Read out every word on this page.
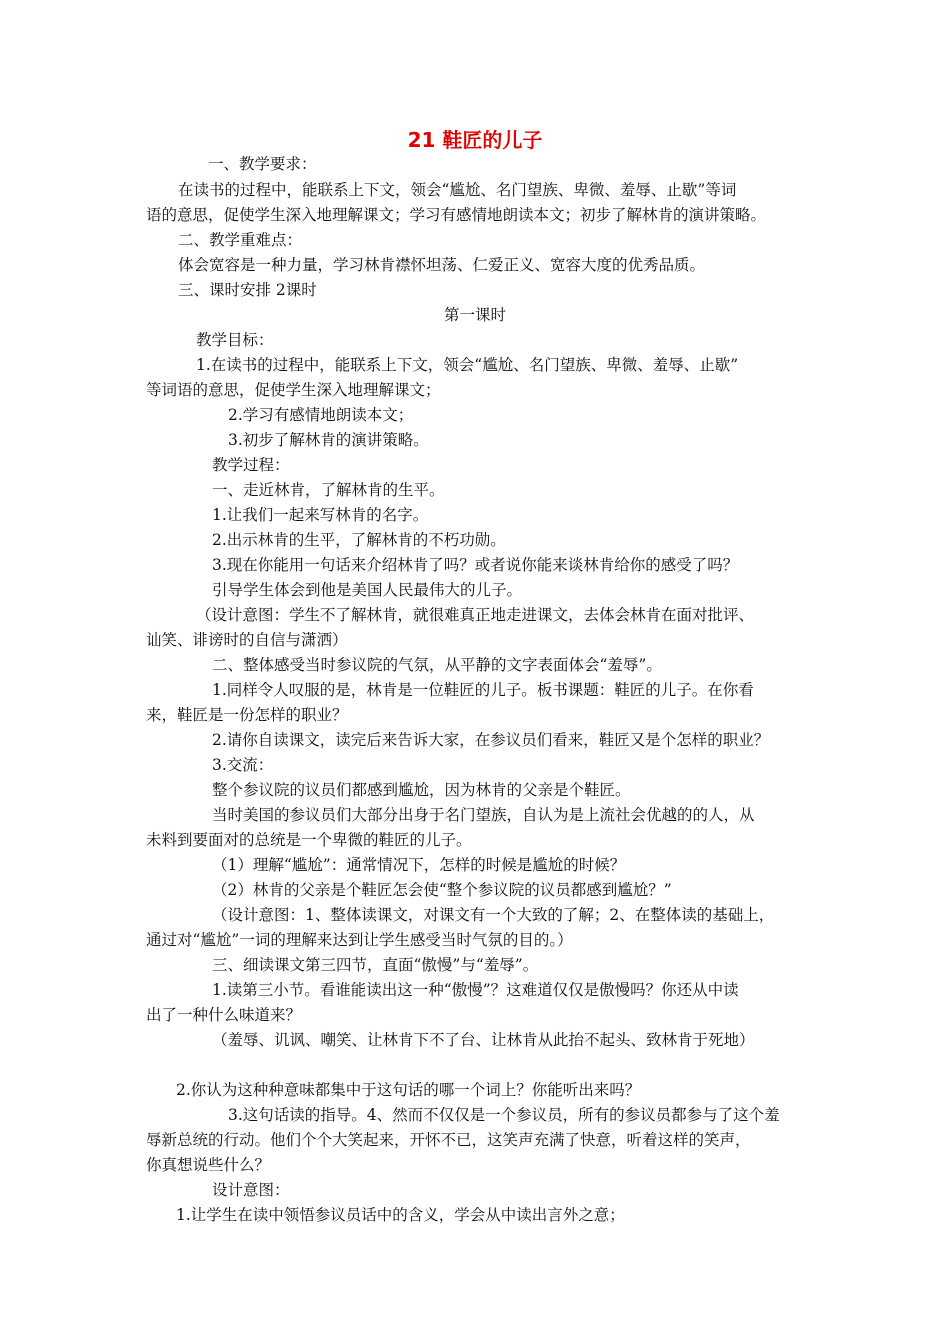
21 鞋匠的儿子
一、教学要求：
在读书的过程中，能联系上下文，领会“尴尬、名门望族、卑微、羞辱、止歇”等词
语的意思，促使学生深入地理解课文；学习有感情地朗读本文；初步了解林肯的演讲策略。
二、教学重难点：
体会宽容是一种力量，学习林肯襟怀坦荡、仁爱正义、宽容大度的优秀品质。
三、课时安排 2课时
第一课时
教学目标：
1.在读书的过程中，能联系上下文，领会“尴尬、名门望族、卑微、羞辱、止歇”
等词语的意思，促使学生深入地理解课文；
2.学习有感情地朗读本文；
3.初步了解林肯的演讲策略。
教学过程：
一、走近林肯，了解林肯的生平。
1.让我们一起来写林肯的名字。
2.出示林肯的生平，了解林肯的不朽功勋。
3.现在你能用一句话来介绍林肯了吗？或者说你能来谈林肯给你的感受了吗？
引导学生体会到他是美国人民最伟大的儿子。
（设计意图：学生不了解林肯，就很难真正地走进课文，去体会林肯在面对批评、
讪笑、诽谤时的自信与潇洒）
二、整体感受当时参议院的气氛，从平静的文字表面体会“羞辱”。
1.同样令人叹服的是，林肯是一位鞋匠的儿子。板书课题：鞋匠的儿子。在你看
来，鞋匠是一份怎样的职业？
2.请你自读课文，读完后来告诉大家，在参议员们看来，鞋匠又是个怎样的职业？
3.交流：
整个参议院的议员们都感到尴尬，因为林肯的父亲是个鞋匠。
当时美国的参议员们大部分出身于名门望族，自认为是上流社会优越的的人，从
未料到要面对的总统是一个卑微的鞋匠的儿子。
（1）理解“尴尬”：通常情况下，怎样的时候是尴尬的时候？
（2）林肯的父亲是个鞋匠怎会使“整个参议院的议员都感到尴尬？”
（设计意图：1、整体读课文，对课文有一个大致的了解；2、在整体读的基础上，
通过对“尴尬”一词的理解来达到让学生感受当时气氛的目的。）
三、细读课文第三四节，直面“傲慢”与“羞辱”。
1.读第三小节。看谁能读出这一种“傲慢”？这难道仅仅是傲慢吗？你还从中读
出了一种什么味道来？
（羞辱、讥讽、嘲笑、让林肯下不了台、让林肯从此抬不起头、致林肯于死地）
2.你认为这种种意味都集中于这句话的哪一个词上？你能听出来吗？
3.这句话读的指导。4、然而不仅仅是一个参议员，所有的参议员都参与了这个羞
辱新总统的行动。他们个个大笑起来，开怀不已，这笑声充满了快意，听着这样的笑声，
你真想说些什么？
设计意图：
1.让学生在读中领悟参议员话中的含义，学会从中读出言外之意；
